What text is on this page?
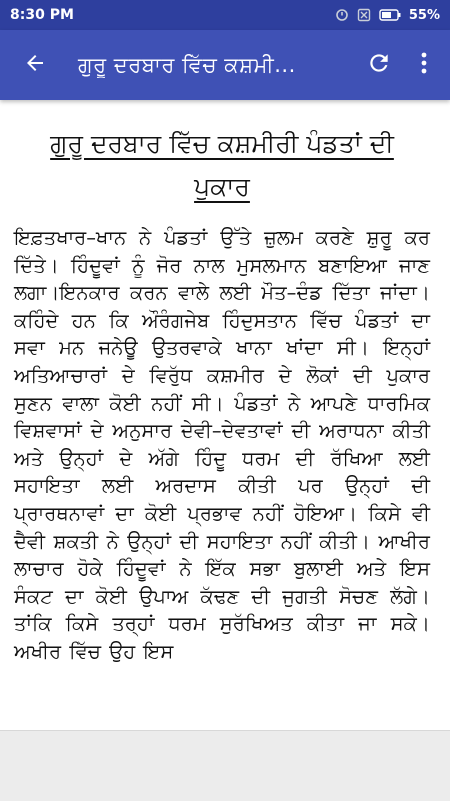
8:30 PM	55%
ਗੁਰੂ ਦਰਬਾਰ ਵਿੱਚ ਕਸ਼ਮੀ...
ਗੁਰੂ ਦਰਬਾਰ ਵਿੱਚ ਕਸ਼ਮੀਰੀ ਪੰਡਤਾਂ ਦੀ ਪੁਕਾਰ

ਇਫ਼ਤਖਾਰ–ਖਾਨ ਨੇ ਪੰਡਤਾਂ ਉੱਤੇ ਜ਼ੁਲਮ ਕਰਣੇ ਸ਼ੁਰੂ ਕਰ ਦਿੱਤੇ। ਹਿੰਦੂਵਾਂ ਨੂੰ ਜੋਰ ਨਾਲ ਮੁਸਲਮਾਨ ਬਣਾਇਆ ਜਾਣ ਲਗਾ।ਇਨਕਾਰ ਕਰਨ ਵਾਲੇ ਲਈ ਮੌਤ–ਦੰਡ ਦਿੱਤਾ ਜਾਂਦਾ। ਕਹਿੰਦੇ ਹਨ ਕਿ ਔਰੰਗਜੇਬ ਹਿੰਦੁਸਤਾਨ ਵਿੱਚ ਪੰਡਤਾਂ ਦਾ ਸਵਾ ਮਨ ਜਨੇਊ ਉਤਰਵਾਕੇ ਖਾਨਾ ਖਾਂਦਾ ਸੀ। ਇਨ੍ਹਾਂ ਅਤਿਆਚਾਰਾਂ ਦੇ ਵਿਰੁੱਧ ਕਸ਼ਮੀਰ ਦੇ ਲੋਕਾਂ ਦੀ ਪੁਕਾਰ ਸੁਣਨ ਵਾਲਾ ਕੋਈ ਨਹੀਂ ਸੀ। ਪੰਡਤਾਂ ਨੇ ਆਪਣੇ ਧਾਰਮਿਕ ਵਿਸ਼ਵਾਸਾਂ ਦੇ ਅਨੁਸਾਰ ਦੇਵੀ–ਦੇਵਤਾਵਾਂ ਦੀ ਅਰਾਧਨਾ ਕੀਤੀ ਅਤੇ ਉਨ੍ਹਾਂ ਦੇ ਅੱਗੇ ਹਿੰਦੂ ਧਰਮ ਦੀ ਰੱਖਿਆ ਲਈ ਸਹਾਇਤਾ ਲਈ ਅਰਦਾਸ ਕੀਤੀ ਪਰ ਉਨ੍ਹਾਂ ਦੀ ਪ੍ਰਾਰਥਨਾਵਾਂ ਦਾ ਕੋਈ ਪ੍ਰਭਾਵ ਨਹੀਂ ਹੋਇਆ। ਕਿਸੇ ਵੀ ਦੈਵੀ ਸ਼ਕਤੀ ਨੇ ਉਨ੍ਹਾਂ ਦੀ ਸਹਾਇਤਾ ਨਹੀਂ ਕੀਤੀ। ਆਖੀਰ ਲਾਚਾਰ ਹੋਕੇ ਹਿੰਦੂਵਾਂ ਨੇ ਇੱਕ ਸਭਾ ਬੁਲਾਈ ਅਤੇ ਇਸ ਸੰਕਟ ਦਾ ਕੋਈ ਉਪਾਅ ਕੱਢਣ ਦੀ ਜੁਗਤੀ ਸੋਚਣ ਲੱਗੇ। ਤਾਂਕਿ ਕਿਸੇ ਤਰ੍ਹਾਂ ਧਰਮ ਸੁਰੱਖਿਅਤ ਕੀਤਾ ਜਾ ਸਕੇ। ਅਖੀਰ ਵਿੱਚ ਉਹ ਇਸ
